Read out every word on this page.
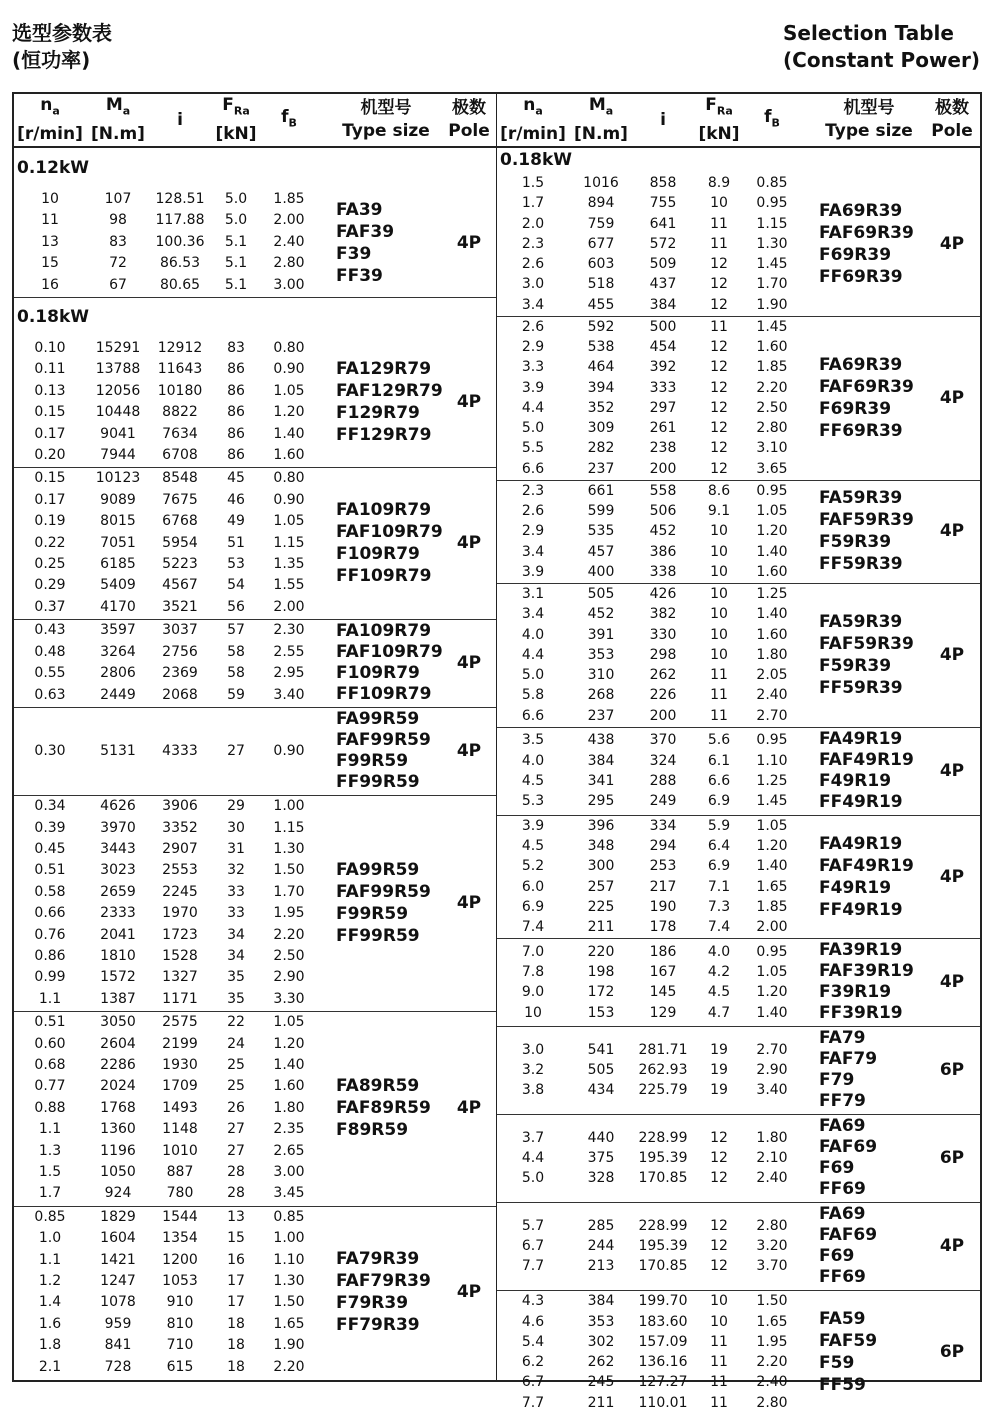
选型参数表
(恒功率)
Selection Table
(Constant Power)
$n_a$
[r/min]
$M_a$
[N.m]
i
$F_{Ra}$
[kN]
$f_B$
机型号
Type size
极数
Pole
0.12kW
10	107	128.51	5.0	1.85
11	98	117.88	5.0	2.00
13	83	100.36	5.1	2.40
15	72	86.53	5.1	2.80
16	67	80.65	5.1	3.00
FA39
FAF39
F39
FF39
4P
0.18kW
0.10	15291	12912	83	0.80
0.11	13788	11643	86	0.90
0.13	12056	10180	86	1.05
0.15	10448	8822	86	1.20
0.17	9041	7634	86	1.40
0.20	7944	6708	86	1.60
FA129R79
FAF129R79
F129R79
FF129R79
4P
0.15	10123	8548	45	0.80
0.17	9089	7675	46	0.90
0.19	8015	6768	49	1.05
0.22	7051	5954	51	1.15
0.25	6185	5223	53	1.35
0.29	5409	4567	54	1.55
0.37	4170	3521	56	2.00
FA109R79
FAF109R79
F109R79
FF109R79
4P
0.43	3597	3037	57	2.30
0.48	3264	2756	58	2.55
0.55	2806	2369	58	2.95
0.63	2449	2068	59	3.40
FA109R79
FAF109R79
F109R79
FF109R79
4P
0.30	5131	4333	27	0.90
FA99R59
FAF99R59
F99R59
FF99R59
4P
0.34	4626	3906	29	1.00
0.39	3970	3352	30	1.15
0.45	3443	2907	31	1.30
0.51	3023	2553	32	1.50
0.58	2659	2245	33	1.70
0.66	2333	1970	33	1.95
0.76	2041	1723	34	2.20
0.86	1810	1528	34	2.50
0.99	1572	1327	35	2.90
1.1	1387	1171	35	3.30
FA99R59
FAF99R59
F99R59
FF99R59
4P
0.51	3050	2575	22	1.05
0.60	2604	2199	24	1.20
0.68	2286	1930	25	1.40
0.77	2024	1709	25	1.60
0.88	1768	1493	26	1.80
1.1	1360	1148	27	2.35
1.3	1196	1010	27	2.65
1.5	1050	887	28	3.00
1.7	924	780	28	3.45
FA89R59
FAF89R59
F89R59
4P
0.85	1829	1544	13	0.85
1.0	1604	1354	15	1.00
1.1	1421	1200	16	1.10
1.2	1247	1053	17	1.30
1.4	1078	910	17	1.50
1.6	959	810	18	1.65
1.8	841	710	18	1.90
2.1	728	615	18	2.20
FA79R39
FAF79R39
F79R39
FF79R39
4P
$n_a$
[r/min]
$M_a$
[N.m]
i
$F_{Ra}$
[kN]
$f_B$
机型号
Type size
极数
Pole
0.18kW
1.5	1016	858	8.9	0.85
1.7	894	755	10	0.95
2.0	759	641	11	1.15
2.3	677	572	11	1.30
2.6	603	509	12	1.45
3.0	518	437	12	1.70
3.4	455	384	12	1.90
FA69R39
FAF69R39
F69R39
FF69R39
4P
2.6	592	500	11	1.45
2.9	538	454	12	1.60
3.3	464	392	12	1.85
3.9	394	333	12	2.20
4.4	352	297	12	2.50
5.0	309	261	12	2.80
5.5	282	238	12	3.10
6.6	237	200	12	3.65
FA69R39
FAF69R39
F69R39
FF69R39
4P
2.3	661	558	8.6	0.95
2.6	599	506	9.1	1.05
2.9	535	452	10	1.20
3.4	457	386	10	1.40
3.9	400	338	10	1.60
FA59R39
FAF59R39
F59R39
FF59R39
4P
3.1	505	426	10	1.25
3.4	452	382	10	1.40
4.0	391	330	10	1.60
4.4	353	298	10	1.80
5.0	310	262	11	2.05
5.8	268	226	11	2.40
6.6	237	200	11	2.70
FA59R39
FAF59R39
F59R39
FF59R39
4P
3.5	438	370	5.6	0.95
4.0	384	324	6.1	1.10
4.5	341	288	6.6	1.25
5.3	295	249	6.9	1.45
FA49R19
FAF49R19
F49R19
FF49R19
4P
3.9	396	334	5.9	1.05
4.5	348	294	6.4	1.20
5.2	300	253	6.9	1.40
6.0	257	217	7.1	1.65
6.9	225	190	7.3	1.85
7.4	211	178	7.4	2.00
FA49R19
FAF49R19
F49R19
FF49R19
4P
7.0	220	186	4.0	0.95
7.8	198	167	4.2	1.05
9.0	172	145	4.5	1.20
10	153	129	4.7	1.40
FA39R19
FAF39R19
F39R19
FF39R19
4P
3.0	541	281.71	19	2.70
3.2	505	262.93	19	2.90
3.8	434	225.79	19	3.40
FA79
FAF79
F79
FF79
6P
3.7	440	228.99	12	1.80
4.4	375	195.39	12	2.10
5.0	328	170.85	12	2.40
FA69
FAF69
F69
FF69
6P
5.7	285	228.99	12	2.80
6.7	244	195.39	12	3.20
7.7	213	170.85	12	3.70
FA69
FAF69
F69
FF69
4P
4.3	384	199.70	10	1.50
4.6	353	183.60	10	1.65
5.4	302	157.09	11	1.95
6.2	262	136.16	11	2.20
6.7	245	127.27	11	2.40
7.7	211	110.01	11	2.80
FA59
FAF59
F59
FF59
6P
